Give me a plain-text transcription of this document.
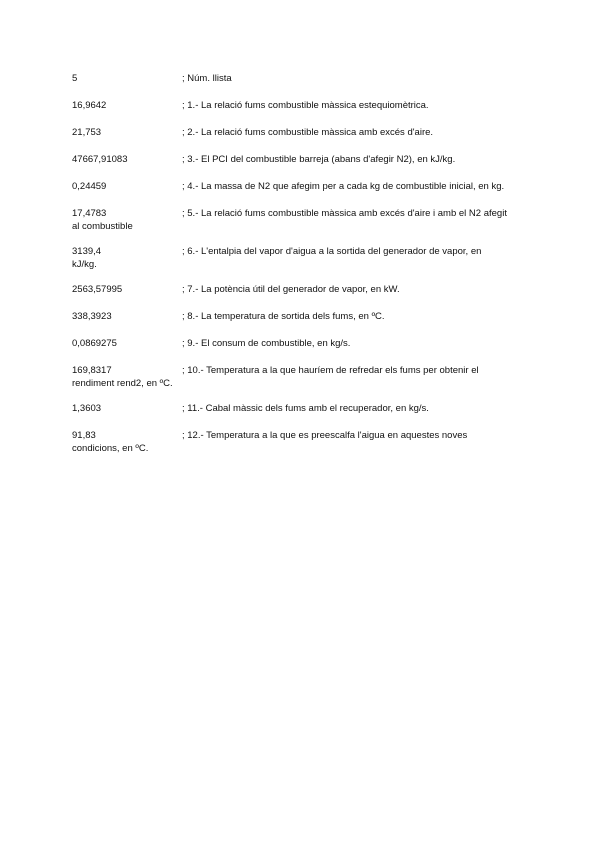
5	; Núm. llista
16,9642	; 1.- La relació fums combustible màssica estequiomètrica.
21,753	; 2.- La relació fums combustible màssica amb excés d'aire.
47667,91083	; 3.- El PCI del combustible barreja (abans d'afegir N2), en kJ/kg.
0,24459	; 4.- La massa de N2 que afegim per a cada kg de combustible inicial, en kg.
17,4783	; 5.- La relació fums combustible màssica amb excés d'aire i amb el N2 afegit
al combustible
3139,4	; 6.- L'entalpia del vapor d'aigua a la sortida del generador de vapor, en
kJ/kg.
2563,57995	; 7.- La potència útil del generador de vapor, en kW.
338,3923	; 8.- La temperatura de sortida dels fums, en ºC.
0,0869275	; 9.- El consum de combustible, en kg/s.
169,8317	; 10.- Temperatura a la que hauríem de refredar els fums per obtenir el
rendiment rend2, en ºC.
1,3603	; 11.- Cabal màssic dels fums amb el recuperador, en kg/s.
91,83	; 12.- Temperatura a la que es preescalfa l'aigua en aquestes noves
condicions, en ºC.
